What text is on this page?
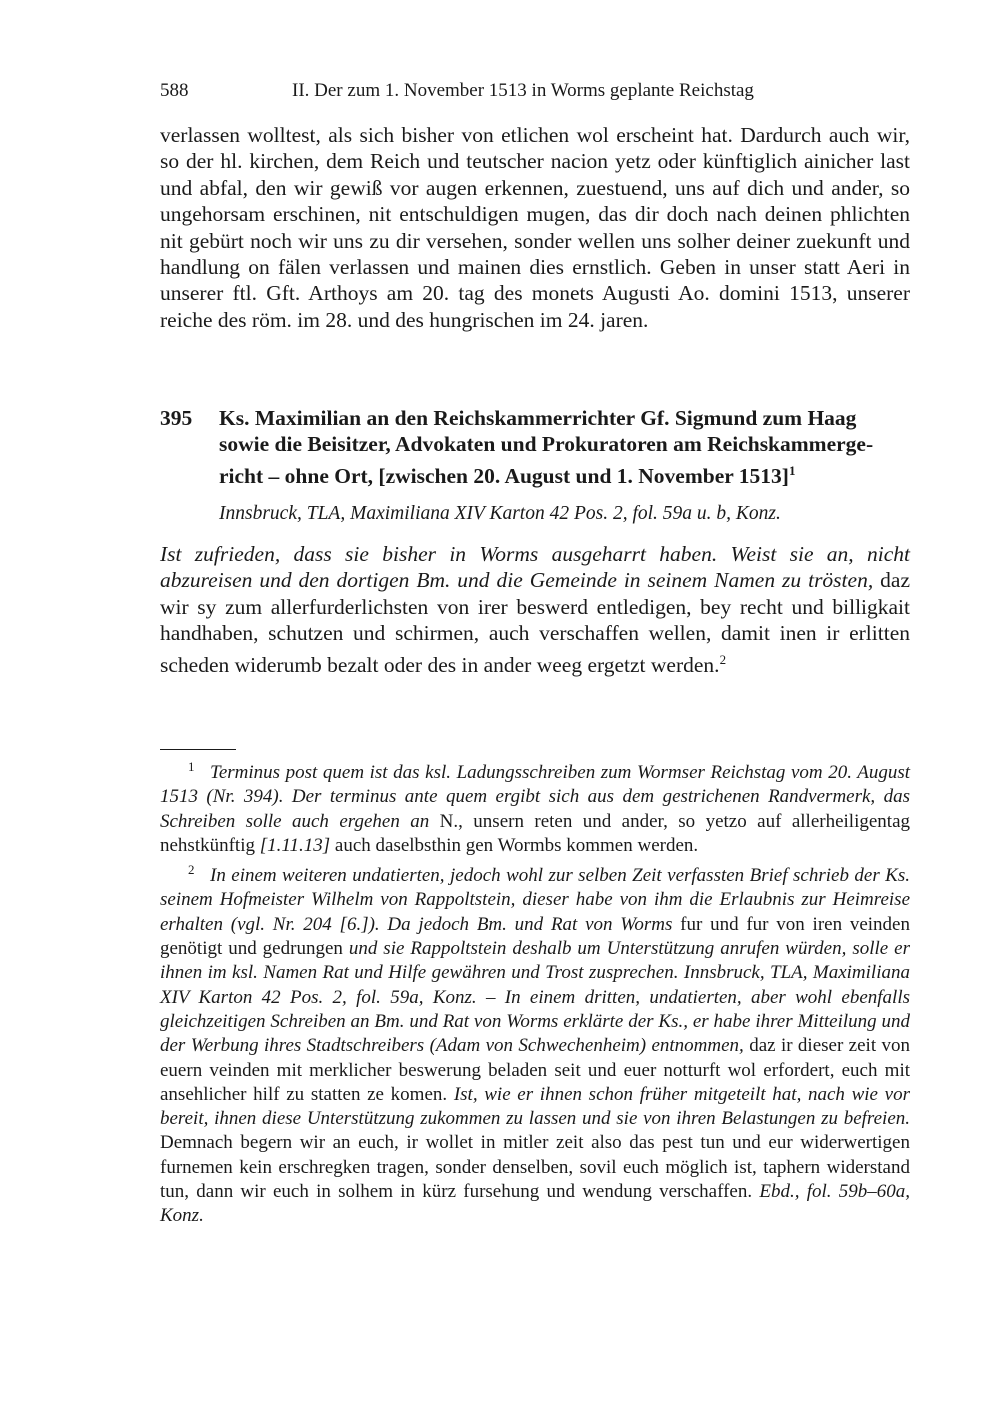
588	II. Der zum 1. November 1513 in Worms geplante Reichstag
verlassen wolltest, als sich bisher von etlichen wol erscheint hat. Dardurch auch wir, so der hl. kirchen, dem Reich und teutscher nacion yetz oder künftiglich ainicher last und abfal, den wir gewiß vor augen erkennen, zuestuend, uns auf dich und ander, so ungehorsam erschinen, nit entschuldigen mugen, das dir doch nach deinen phlichten nit gebürt noch wir uns zu dir versehen, sonder wellen uns solher deiner zuekunft und handlung on fälen verlassen und mainen dies ernstlich. Geben in unser statt Aeri in unserer ftl. Gft. Arthoys am 20. tag des monets Augusti Ao. domini 1513, unserer reiche des röm. im 28. und des hungrischen im 24. jaren.
395 Ks. Maximilian an den Reichskammerrichter Gf. Sigmund zum Haag sowie die Beisitzer, Advokaten und Prokuratoren am Reichskammergericht – ohne Ort, [zwischen 20. August und 1. November 1513]$^1$
Innsbruck, TLA, Maximiliana XIV Karton 42 Pos. 2, fol. 59a u. b, Konz.
Ist zufrieden, dass sie bisher in Worms ausgeharrt haben. Weist sie an, nicht abzureisen und den dortigen Bm. und die Gemeinde in seinem Namen zu trösten, daz wir sy zum allerfurderlichsten von irer beswerd entledigen, bey recht und billigkait handhaben, schutzen und schirmen, auch verschaffen wellen, damit inen ir erlitten scheden widerumb bezalt oder des in ander weeg ergetzt werden.$^2$

1 Terminus post quem ist das ksl. Ladungsschreiben zum Wormser Reichstag vom 20. August 1513 (Nr. 394). Der terminus ante quem ergibt sich aus dem gestrichenen Randvermerk, das Schreiben solle auch ergehen an N., unsern reten und ander, so yetzo auf allerheiligentag nehstkünftig [1.11.13] auch daselbsthin gen Wormbs kommen werden.

2 In einem weiteren undatierten, jedoch wohl zur selben Zeit verfassten Brief schrieb der Ks. seinem Hofmeister Wilhelm von Rappoltstein, dieser habe von ihm die Erlaubnis zur Heimreise erhalten (vgl. Nr. 204 [6.]). Da jedoch Bm. und Rat von Worms fur und fur von iren veinden genötigt und gedrungen und sie Rappoltstein deshalb um Unterstützung anrufen würden, solle er ihnen im ksl. Namen Rat und Hilfe gewähren und Trost zusprechen. Innsbruck, TLA, Maximiliana XIV Karton 42 Pos. 2, fol. 59a, Konz. – In einem dritten, undatierten, aber wohl ebenfalls gleichzeitigen Schreiben an Bm. und Rat von Worms erklärte der Ks., er habe ihrer Mitteilung und der Werbung ihres Stadtschreibers (Adam von Schwechenheim) entnommen, daz ir dieser zeit von euern veinden mit merklicher beswerung beladen seit und euer notturft wol erfordert, euch mit ansehlicher hilf zu statten ze komen. Ist, wie er ihnen schon früher mitgeteilt hat, nach wie vor bereit, ihnen diese Unterstützung zukommen zu lassen und sie von ihren Belastungen zu befreien. Demnach begern wir an euch, ir wollet in mitler zeit also das pest tun und eur widerwertigen furnemen kein erschregken tragen, sonder denselben, sovil euch möglich ist, taphern widerstand tun, dann wir euch in solhem in kürz fursehung und wendung verschaffen. Ebd., fol. 59b–60a, Konz.
